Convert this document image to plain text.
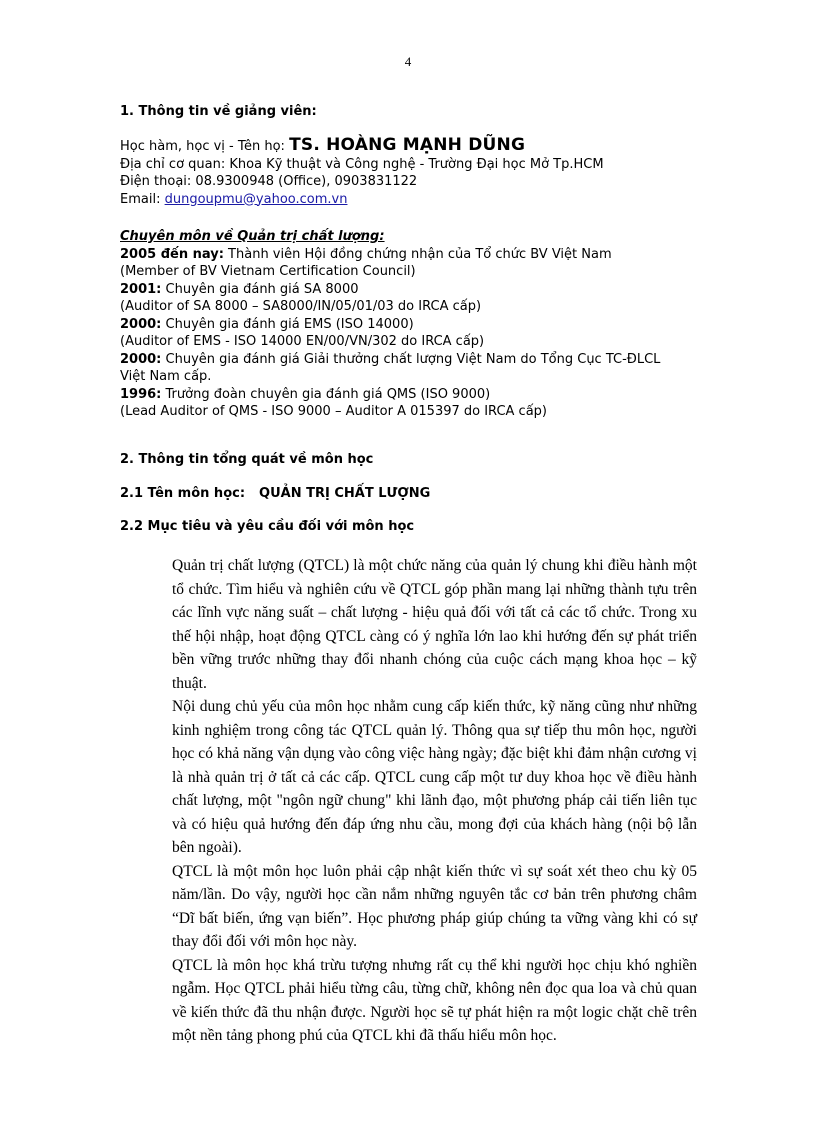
4
1. Thông tin về giảng viên:
Học hàm, học vị - Tên họ: TS. HOÀNG MẠNH DŨNG
Địa chỉ cơ quan: Khoa Kỹ thuật và Công nghệ - Trường Đại học Mở Tp.HCM
Điện thoại: 08.9300948 (Office), 0903831122
Email: dungoupmu@yahoo.com.vn
Chuyên môn về Quản trị chất lượng:
2005 đến nay: Thành viên Hội đồng chứng nhận của Tổ chức BV Việt Nam
(Member of BV Vietnam Certification Council)
2001: Chuyên gia đánh giá SA 8000
(Auditor of SA 8000 – SA8000/IN/05/01/03 do IRCA cấp)
2000: Chuyên gia đánh giá EMS (ISO 14000)
(Auditor of EMS - ISO 14000 EN/00/VN/302 do IRCA cấp)
2000: Chuyên gia đánh giá Giải thưởng chất lượng Việt Nam do Tổng Cục TC-ĐLCL
Việt Nam cấp.
1996: Trưởng đoàn chuyên gia đánh giá QMS (ISO 9000)
(Lead Auditor of QMS - ISO 9000 – Auditor A 015397 do IRCA cấp)
2. Thông tin tổng quát về môn học
2.1 Tên môn học: QUẢN TRỊ CHẤT LƯỢNG
2.2 Mục tiêu và yêu cầu đối với môn học

Quản trị chất lượng (QTCL) là một chức năng của quản lý chung khi điều hành một tổ chức. Tìm hiểu và nghiên cứu về QTCL góp phần mang lại những thành tựu trên các lĩnh vực năng suất – chất lượng - hiệu quả đối với tất cả các tổ chức. Trong xu thế hội nhập, hoạt động QTCL càng có ý nghĩa lớn lao khi hướng đến sự phát triển bền vững trước những thay đổi nhanh chóng của cuộc cách mạng khoa học – kỹ thuật.

Nội dung chủ yếu của môn học nhằm cung cấp kiến thức, kỹ năng cũng như những kinh nghiệm trong công tác QTCL quản lý. Thông qua sự tiếp thu môn học, người học có khả năng vận dụng vào công việc hàng ngày; đặc biệt khi đảm nhận cương vị là nhà quản trị ở tất cả các cấp. QTCL cung cấp một tư duy khoa học về điều hành chất lượng, một "ngôn ngữ chung" khi lãnh đạo, một phương pháp cải tiến liên tục và có hiệu quả hướng đến đáp ứng nhu cầu, mong đợi của khách hàng (nội bộ lẫn bên ngoài).

QTCL là một môn học luôn phải cập nhật kiến thức vì sự soát xét theo chu kỳ 05 năm/lần. Do vậy, người học cần nắm những nguyên tắc cơ bản trên phương châm “Dĩ bất biến, ứng vạn biến”. Học phương pháp giúp chúng ta vững vàng khi có sự thay đổi đối với môn học này.

QTCL là môn học khá trừu tượng nhưng rất cụ thể khi người học chịu khó nghiền ngẫm. Học QTCL phải hiểu từng câu, từng chữ, không nên đọc qua loa và chủ quan về kiến thức đã thu nhận được. Người học sẽ tự phát hiện ra một logic chặt chẽ trên một nền tảng phong phú của QTCL khi đã thấu hiểu môn học.
